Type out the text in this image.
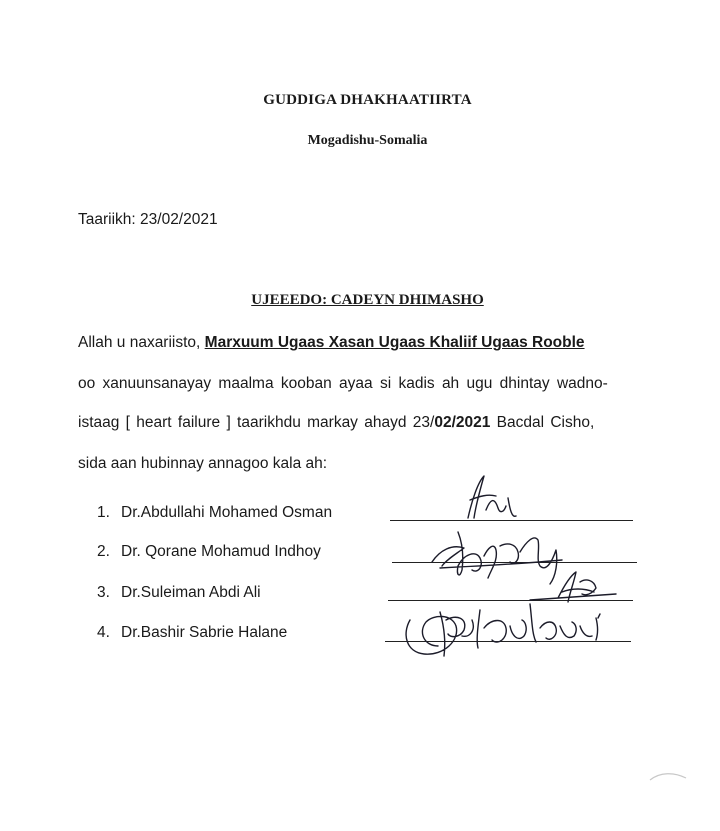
GUDDIGA DHAKHAATIIRTA
Mogadishu-Somalia
Taariikh: 23/02/2021
UJEEEDO: CADEYN DHIMASHO
Allah u naxariisto, Marxuum Ugaas Xasan Ugaas Khaliif Ugaas Rooble
oo xanuunsanayay maalma kooban ayaa si kadis ah ugu dhintay wadno-
istaag [ heart failure ] taarikhdu markay ahayd 23/02/2021 Bacdal Cisho,
sida aan hubinnay annagoo kala ah:
1. Dr.Abdullahi Mohamed Osman
2. Dr. Qorane Mohamud Indhoy
3. Dr.Suleiman Abdi Ali
4. Dr.Bashir Sabrie Halane
